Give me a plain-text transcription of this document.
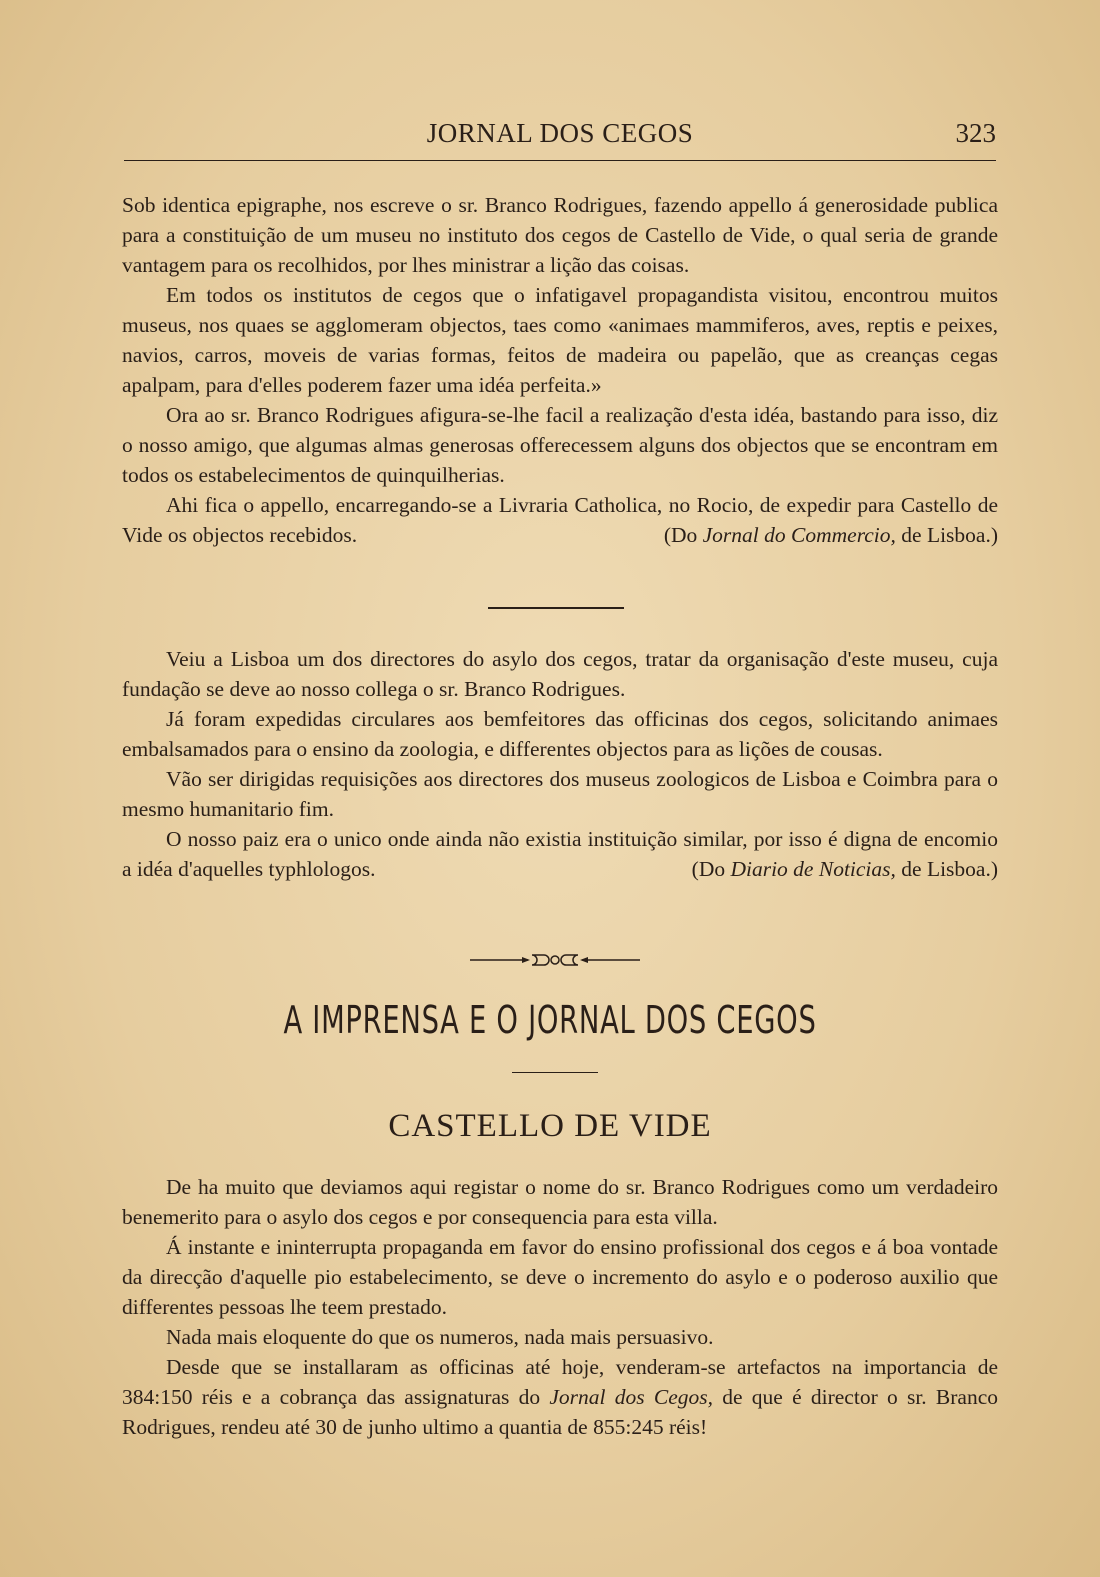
JORNAL DOS CEGOS	323

Sob identica epigraphe, nos escreve o sr. Branco Rodrigues, fazendo appello á generosidade publica para a constituição de um museu no instituto dos cegos de Castello de Vide, o qual seria de grande vantagem para os recolhidos, por lhes ministrar a lição das coisas.

Em todos os institutos de cegos que o infatigavel propagandista visitou, encontrou muitos museus, nos quaes se agglomeram objectos, taes como «animaes mammiferos, aves, reptis e peixes, navios, carros, moveis de varias formas, feitos de madeira ou papelão, que as creanças cegas apalpam, para d'elles poderem fazer uma idéa perfeita.»

Ora ao sr. Branco Rodrigues afigura-se-lhe facil a realização d'esta idéa, bastando para isso, diz o nosso amigo, que algumas almas generosas offerecessem alguns dos objectos que se encontram em todos os estabelecimentos de quinquilherias.

Ahi fica o appello, encarregando-se a Livraria Catholica, no Rocio, de expedir para Castello de Vide os objectos recebidos.	(Do Jornal do Commercio, de Lisboa.)

Veiu a Lisboa um dos directores do asylo dos cegos, tratar da organisação d'este museu, cuja fundação se deve ao nosso collega o sr. Branco Rodrigues.

Já foram expedidas circulares aos bemfeitores das officinas dos cegos, solicitando animaes embalsamados para o ensino da zoologia, e differentes objectos para as lições de cousas.

Vão ser dirigidas requisições aos directores dos museus zoologicos de Lisboa e Coimbra para o mesmo humanitario fim.

O nosso paiz era o unico onde ainda não existia instituição similar, por isso é digna de encomio a idéa d'aquelles typhlologos.	(Do Diario de Noticias, de Lisboa.)

A IMPRENSA E O JORNAL DOS CEGOS
CASTELLO DE VIDE

De ha muito que deviamos aqui registar o nome do sr. Branco Rodrigues como um verdadeiro benemerito para o asylo dos cegos e por consequencia para esta villa.

Á instante e ininterrupta propaganda em favor do ensino profissional dos cegos e á boa vontade da direcção d'aquelle pio estabelecimento, se deve o incremento do asylo e o poderoso auxilio que differentes pessoas lhe teem prestado.

Nada mais eloquente do que os numeros, nada mais persuasivo.

Desde que se installaram as officinas até hoje, venderam-se artefactos na importancia de 384:150 réis e a cobrança das assignaturas do Jornal dos Cegos, de que é director o sr. Branco Rodrigues, rendeu até 30 de junho ultimo a quantia de 855:245 réis!
